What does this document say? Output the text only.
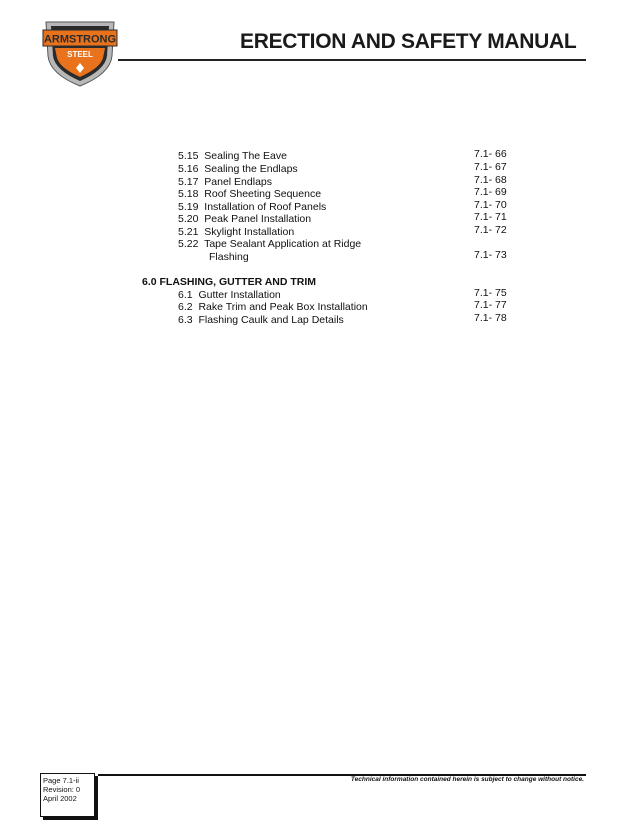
ARMSTRONG
STEEL
ERECTION AND SAFETY MANUAL
5.15 Sealing The Eave	7.1- 66
5.16 Sealing the Endlaps	7.1- 67
5.17 Panel Endlaps	7.1- 68
5.18 Roof Sheeting Sequence	7.1- 69
5.19 Installation of Roof Panels	7.1- 70
5.20 Peak Panel Installation	7.1- 71
5.21 Skylight Installation	7.1- 72
5.22 Tape Sealant Application at Ridge
Flashing	7.1- 73
6.0 FLASHING, GUTTER AND TRIM
6.1 Gutter Installation	7.1- 75
6.2 Rake Trim and Peak Box Installation	7.1- 77
6.3 Flashing Caulk and Lap Details	7.1- 78
Page 7.1-ii
Revision: 0
April 2002
Technical information contained herein is subject to change without notice.
